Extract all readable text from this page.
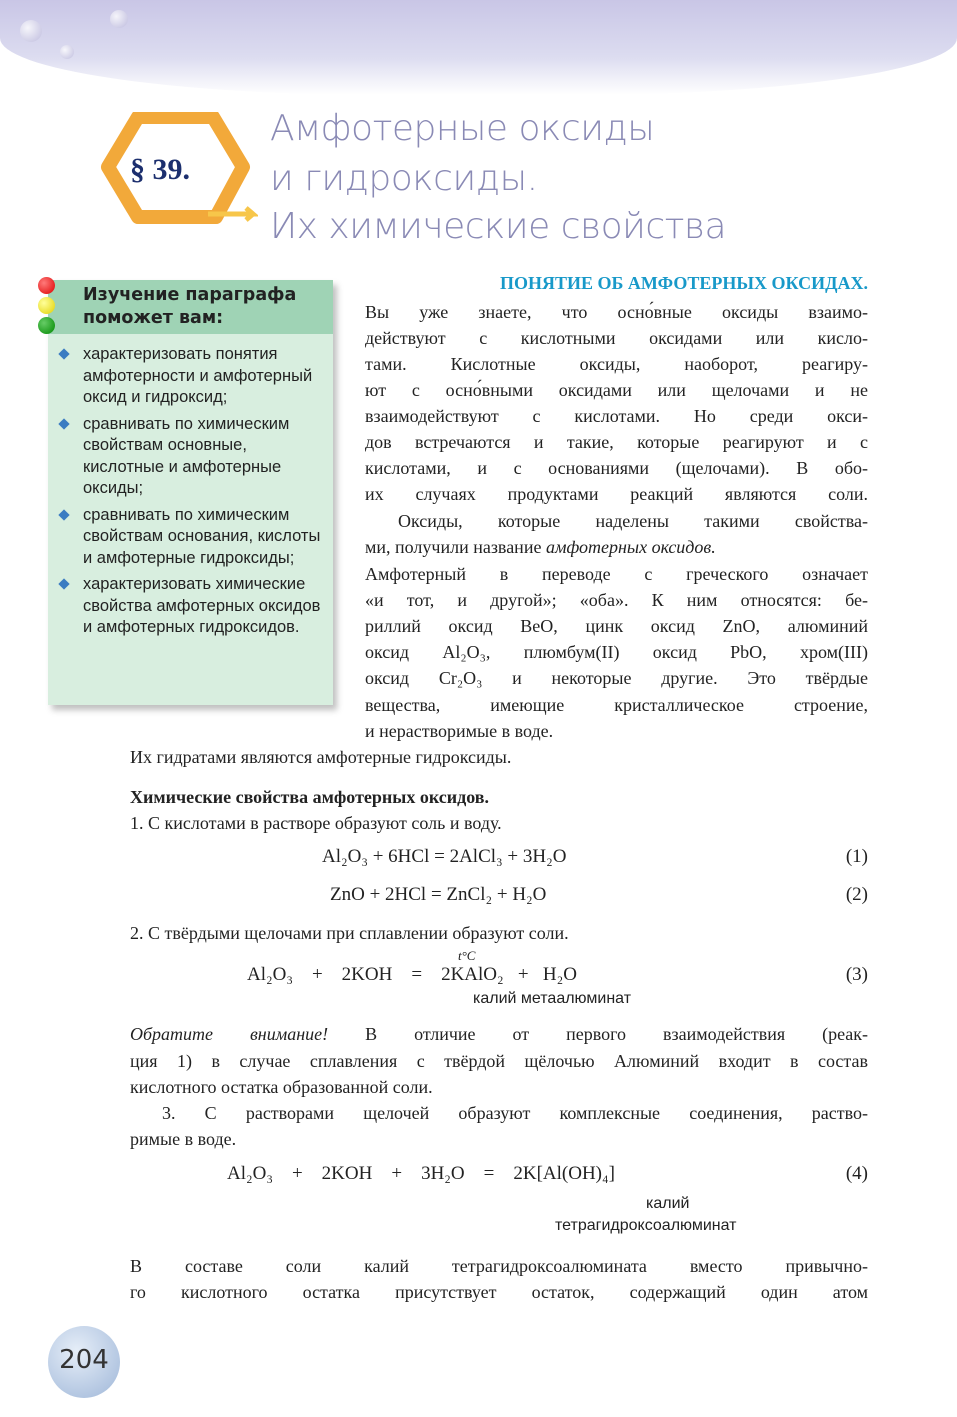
§ 39.
Амфотерные оксиды
и гидроксиды.
Их химические свойства
Изучение параграфа
поможет вам:
характеризовать понятия амфотерности и амфотерный оксид и гидроксид;
сравнивать по химическим свойствам основные, кислотные и амфотерные оксиды;
сравнивать по химическим свойствам основания, кислоты и амфотерные гидроксиды;
характеризовать химические свойства амфотерных оксидов и амфотерных гидроксидов.
ПОНЯТИЕ ОБ АМФОТЕРНЫХ ОКСИДАХ.
Вы уже знаете, что осно́вные оксиды взаимо-
действуют с кислотными оксидами или кисло-
тами. Кислотные оксиды, наоборот, реагиру-
ют с осно́вными оксидами или щелочами и не
взаимодействуют с кислотами. Но среди окси-
дов встречаются и такие, которые реагируют и с
кислотами, и с основаниями (щелочами). В обо-
их случаях продуктами реакций являются соли.
Оксиды, которые наделены такими свойства-
ми, получили название амфотерных оксидов.
Амфотерный в переводе с греческого означает
«и тот, и другой»; «оба». К ним относятся: бе-
риллий оксид BeO, цинк оксид ZnO, алюминий
оксид Al₂O₃, плюмбум(II) оксид PbO, хром(III)
оксид Cr₂O₃ и некоторые другие. Это твёрдые
вещества, имеющие кристаллическое строение,
и нерастворимые в воде.
Их гидратами являются амфотерные гидроксиды.
Химические свойства амфотерных оксидов.
1. С кислотами в растворе образуют соль и воду.
Al₂O₃ + 6HCl = 2AlCl₃ + 3H₂O	(1)
ZnO + 2HCl = ZnCl₂ + H₂O	(2)
2. С твёрдыми щелочами при сплавлении образуют соли.
t°C
Al₂O₃    +    2KOH    =    2KAlO₂   +   H₂O	(3)
калий метаалюминат
Обратите внимание! В отличие от первого взаимодействия (реак-
ция 1) в случае сплавления с твёрдой щёлочью Алюминий входит в состав
кислотного остатка образованной соли.
3. С растворами щелочей образуют комплексные соединения, раство-
римые в воде.
Al₂O₃    +    2KOH    +    3H₂O    =    2K[Al(OH)₄]	(4)
калий
тетрагидроксоалюминат
В составе соли калий тетрагидроксоалюмината вместо привычно-
го кислотного остатка присутствует остаток, содержащий один атом
204
